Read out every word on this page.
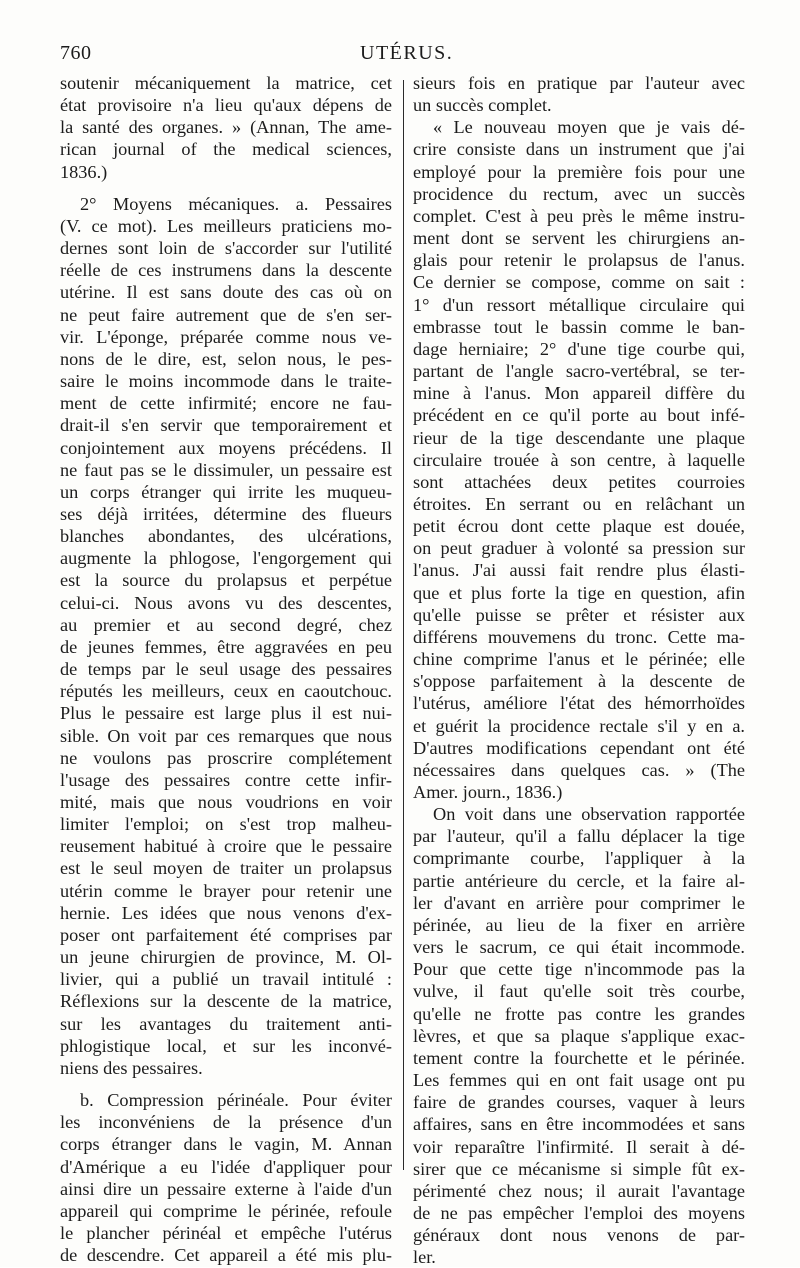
760	UTÉRUS.
soutenir mécaniquement la matrice, cet
état provisoire n'a lieu qu'aux dépens de
la santé des organes. » (Annan, The ame-
rican journal of the medical sciences,
1836.)
2° Moyens mécaniques. a. Pessaires
(V. ce mot). Les meilleurs praticiens mo-
dernes sont loin de s'accorder sur l'utilité
réelle de ces instrumens dans la descente
utérine. Il est sans doute des cas où on
ne peut faire autrement que de s'en ser-
vir. L'éponge, préparée comme nous ve-
nons de le dire, est, selon nous, le pes-
saire le moins incommode dans le traite-
ment de cette infirmité; encore ne fau-
drait-il s'en servir que temporairement et
conjointement aux moyens précédens. Il
ne faut pas se le dissimuler, un pessaire est
un corps étranger qui irrite les muqueu-
ses déjà irritées, détermine des flueurs
blanches abondantes, des ulcérations,
augmente la phlogose, l'engorgement qui
est la source du prolapsus et perpétue
celui-ci. Nous avons vu des descentes,
au premier et au second degré, chez
de jeunes femmes, être aggravées en peu
de temps par le seul usage des pessaires
réputés les meilleurs, ceux en caoutchouc.
Plus le pessaire est large plus il est nui-
sible. On voit par ces remarques que nous
ne voulons pas proscrire complétement
l'usage des pessaires contre cette infir-
mité, mais que nous voudrions en voir
limiter l'emploi; on s'est trop malheu-
reusement habitué à croire que le pessaire
est le seul moyen de traiter un prolapsus
utérin comme le brayer pour retenir une
hernie. Les idées que nous venons d'ex-
poser ont parfaitement été comprises par
un jeune chirurgien de province, M. Ol-
livier, qui a publié un travail intitulé :
Réflexions sur la descente de la matrice,
sur les avantages du traitement anti-
phlogistique local, et sur les inconvé-
niens des pessaires.
b. Compression périnéale. Pour éviter
les inconvéniens de la présence d'un
corps étranger dans le vagin, M. Annan
d'Amérique a eu l'idée d'appliquer pour
ainsi dire un pessaire externe à l'aide d'un
appareil qui comprime le périnée, refoule
le plancher périnéal et empêche l'utérus
de descendre. Cet appareil a été mis plu-
sieurs fois en pratique par l'auteur avec
un succès complet.
« Le nouveau moyen que je vais dé-
crire consiste dans un instrument que j'ai
employé pour la première fois pour une
procidence du rectum, avec un succès
complet. C'est à peu près le même instru-
ment dont se servent les chirurgiens an-
glais pour retenir le prolapsus de l'anus.
Ce dernier se compose, comme on sait :
1° d'un ressort métallique circulaire qui
embrasse tout le bassin comme le ban-
dage herniaire; 2° d'une tige courbe qui,
partant de l'angle sacro-vertébral, se ter-
mine à l'anus. Mon appareil diffère du
précédent en ce qu'il porte au bout infé-
rieur de la tige descendante une plaque
circulaire trouée à son centre, à laquelle
sont attachées deux petites courroies
étroites. En serrant ou en relâchant un
petit écrou dont cette plaque est douée,
on peut graduer à volonté sa pression sur
l'anus. J'ai aussi fait rendre plus élasti-
que et plus forte la tige en question, afin
qu'elle puisse se prêter et résister aux
différens mouvemens du tronc. Cette ma-
chine comprime l'anus et le périnée; elle
s'oppose parfaitement à la descente de
l'utérus, améliore l'état des hémorrhoïdes
et guérit la procidence rectale s'il y en a.
D'autres modifications cependant ont été
nécessaires dans quelques cas. » (The
Amer. journ., 1836.)
On voit dans une observation rapportée
par l'auteur, qu'il a fallu déplacer la tige
comprimante courbe, l'appliquer à la
partie antérieure du cercle, et la faire al-
ler d'avant en arrière pour comprimer le
périnée, au lieu de la fixer en arrière
vers le sacrum, ce qui était incommode.
Pour que cette tige n'incommode pas la
vulve, il faut qu'elle soit très courbe,
qu'elle ne frotte pas contre les grandes
lèvres, et que sa plaque s'applique exac-
tement contre la fourchette et le périnée.
Les femmes qui en ont fait usage ont pu
faire de grandes courses, vaquer à leurs
affaires, sans en être incommodées et sans
voir reparaître l'infirmité. Il serait à dé-
sirer que ce mécanisme si simple fût ex-
périmenté chez nous; il aurait l'avantage
de ne pas empêcher l'emploi des moyens
généraux dont nous venons de par-
ler.
